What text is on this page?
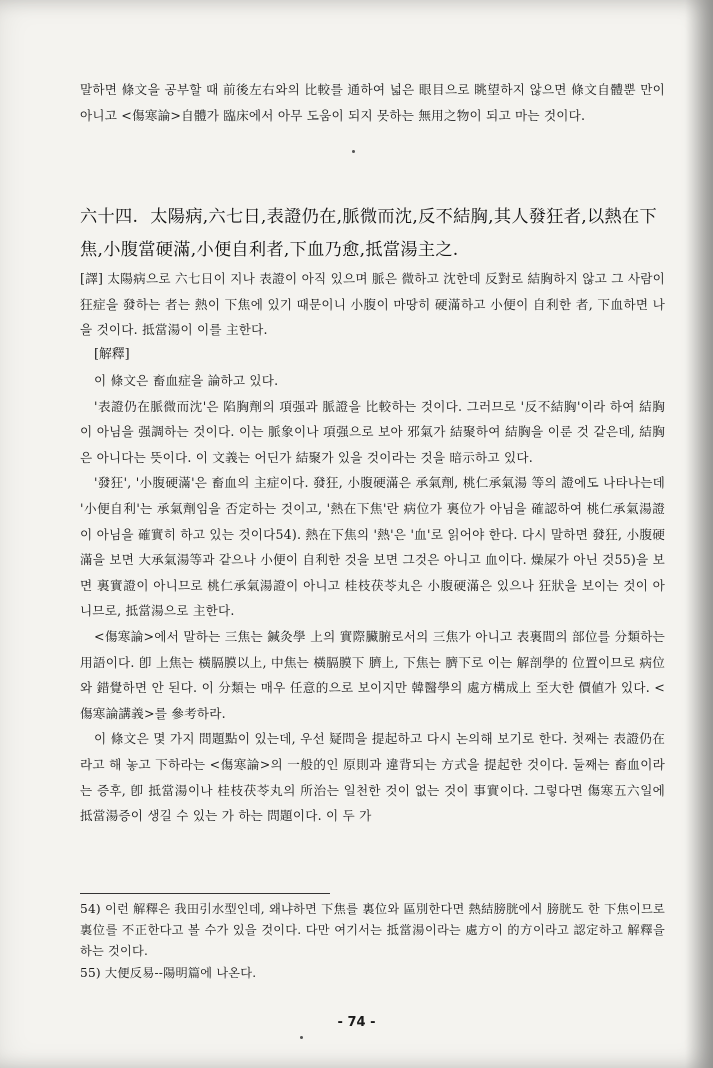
말하면 條文을 공부할 때 前後左右와의 比較를 通하여 넓은 眼目으로 眺望하지 않으면 條文自體뿐 만이 아니고 <傷寒論>自體가 臨床에서 아무 도움이 되지 못하는 無用之物이 되고 마는 것이다.

六十四. 太陽病,六七日,表證仍在,脈微而沈,反不結胸,其人發狂者,以熱在下焦,小腹當硬滿,小便自利者,下血乃愈,抵當湯主之.

[譯] 太陽病으로 六七日이 지나 表證이 아직 있으며 脈은 微하고 沈한데 反對로 結胸하지 않고 그 사람이 狂症을 發하는 者는 熱이 下焦에 있기 때문이니 小腹이 마땅히 硬滿하고 小便이 自利한 者, 下血하면 나을 것이다. 抵當湯이 이를 主한다.

[解釋]

이 條文은 畜血症을 論하고 있다.

'表證仍在脈微而沈'은 陷胸劑의 項强과 脈證을 比較하는 것이다. 그러므로 '反不結胸'이라 하여 結胸이 아님을 强調하는 것이다. 이는 脈象이나 項强으로 보아 邪氣가 結聚하여 結胸을 이룬 것 같은데, 結胸은 아니다는 뜻이다. 이 文義는 어딘가 結聚가 있을 것이라는 것을 暗示하고 있다.

'發狂', '小腹硬滿'은 畜血의 主症이다. 發狂, 小腹硬滿은 承氣劑, 桃仁承氣湯 等의 證에도 나타나는데 '小便自利'는 承氣劑임을 否定하는 것이고, '熱在下焦'란 病位가 裏位가 아님을 確認하여 桃仁承氣湯證이 아님을 確實히 하고 있는 것이다54). 熱在下焦의 '熱'은 '血'로 읽어야 한다. 다시 말하면 發狂, 小腹硬滿을 보면 大承氣湯等과 같으나 小便이 自利한 것을 보면 그것은 아니고 血이다. 燥屎가 아닌 것55)을 보면 裏實證이 아니므로 桃仁承氣湯證이 아니고 桂枝茯苓丸은 小腹硬滿은 있으나 狂狀을 보이는 것이 아니므로, 抵當湯으로 主한다.

<傷寒論>에서 말하는 三焦는 鍼灸學 上의 實際臟腑로서의 三焦가 아니고 表裏間의 部位를 分類하는 用語이다. 卽 上焦는 橫膈膜以上, 中焦는 橫膈膜下 臍上, 下焦는 臍下로 이는 解剖學的 位置이므로 病位와 錯覺하면 안 된다. 이 分類는 매우 任意的으로 보이지만 韓醫學의 處方構成上 至大한 價値가 있다. <傷寒論講義>를 參考하라.

이 條文은 몇 가지 問題點이 있는데, 우선 疑問을 提起하고 다시 논의해 보기로 한다. 첫째는 表證仍在라고 해 놓고 下하라는 <傷寒論>의 一般的인 原則과 違背되는 方式을 提起한 것이다. 둘째는 畜血이라는 증후, 卽 抵當湯이나 桂枝茯苓丸의 所治는 일천한 것이 없는 것이 事實이다. 그렇다면 傷寒五六일에 抵當湯증이 생길 수 있는 가 하는 問題이다. 이 두 가

54) 이런 解釋은 我田引水型인데, 왜냐하면 下焦를 裏位와 區別한다면 熱結膀胱에서 膀胱도 한 下焦이므로 裏位를 不正한다고 볼 수가 있을 것이다. 다만 여기서는 抵當湯이라는 處方이 的方이라고 認定하고 解釋을 하는 것이다.

55) 大便反易--陽明篇에 나온다.

- 74 -
